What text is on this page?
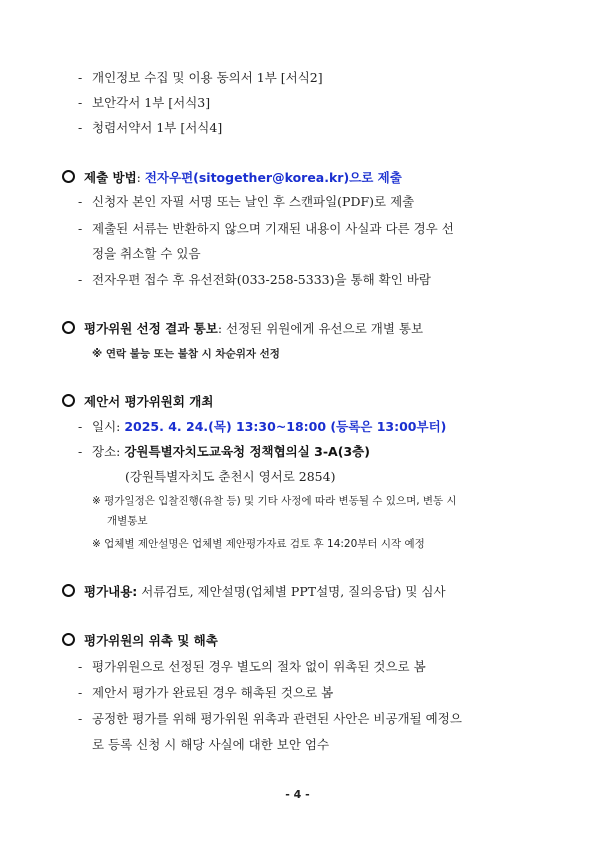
- 개인정보 수집 및 이용 동의서 1부 [서식2]
- 보안각서 1부 [서식3]
- 청렴서약서 1부 [서식4]
제출 방법: 전자우편(sitogether@korea.kr)으로 제출
- 신청자 본인 자필 서명 또는 날인 후 스캔파일(PDF)로 제출
- 제출된 서류는 반환하지 않으며 기재된 내용이 사실과 다른 경우 선
정을 취소할 수 있음
- 전자우편 접수 후 유선전화(033-258-5333)을 통해 확인 바람
평가위원 선정 결과 통보: 선정된 위원에게 유선으로 개별 통보
※ 연락 불능 또는 불참 시 차순위자 선정
제안서 평가위원회 개최
- 일시: 2025. 4. 24.(목) 13:30~18:00 (등록은 13:00부터)
- 장소: 강원특별자치도교육청 정책협의실 3-A(3층)
(강원특별자치도 춘천시 영서로 2854)
※ 평가일정은 입찰진행(유찰 등) 및 기타 사정에 따라 변동될 수 있으며, 변동 시
개별통보
※ 업체별 제안설명은 업체별 제안평가자료 검토 후 14:20부터 시작 예정
평가내용: 서류검토, 제안설명(업체별 PPT설명, 질의응답) 및 심사
평가위원의 위촉 및 해촉
- 평가위원으로 선정된 경우 별도의 절차 없이 위촉된 것으로 봄
- 제안서 평가가 완료된 경우 해촉된 것으로 봄
- 공정한 평가를 위해 평가위원 위촉과 관련된 사안은 비공개될 예정으
로 등록 신청 시 해당 사실에 대한 보안 엄수
- 4 -
